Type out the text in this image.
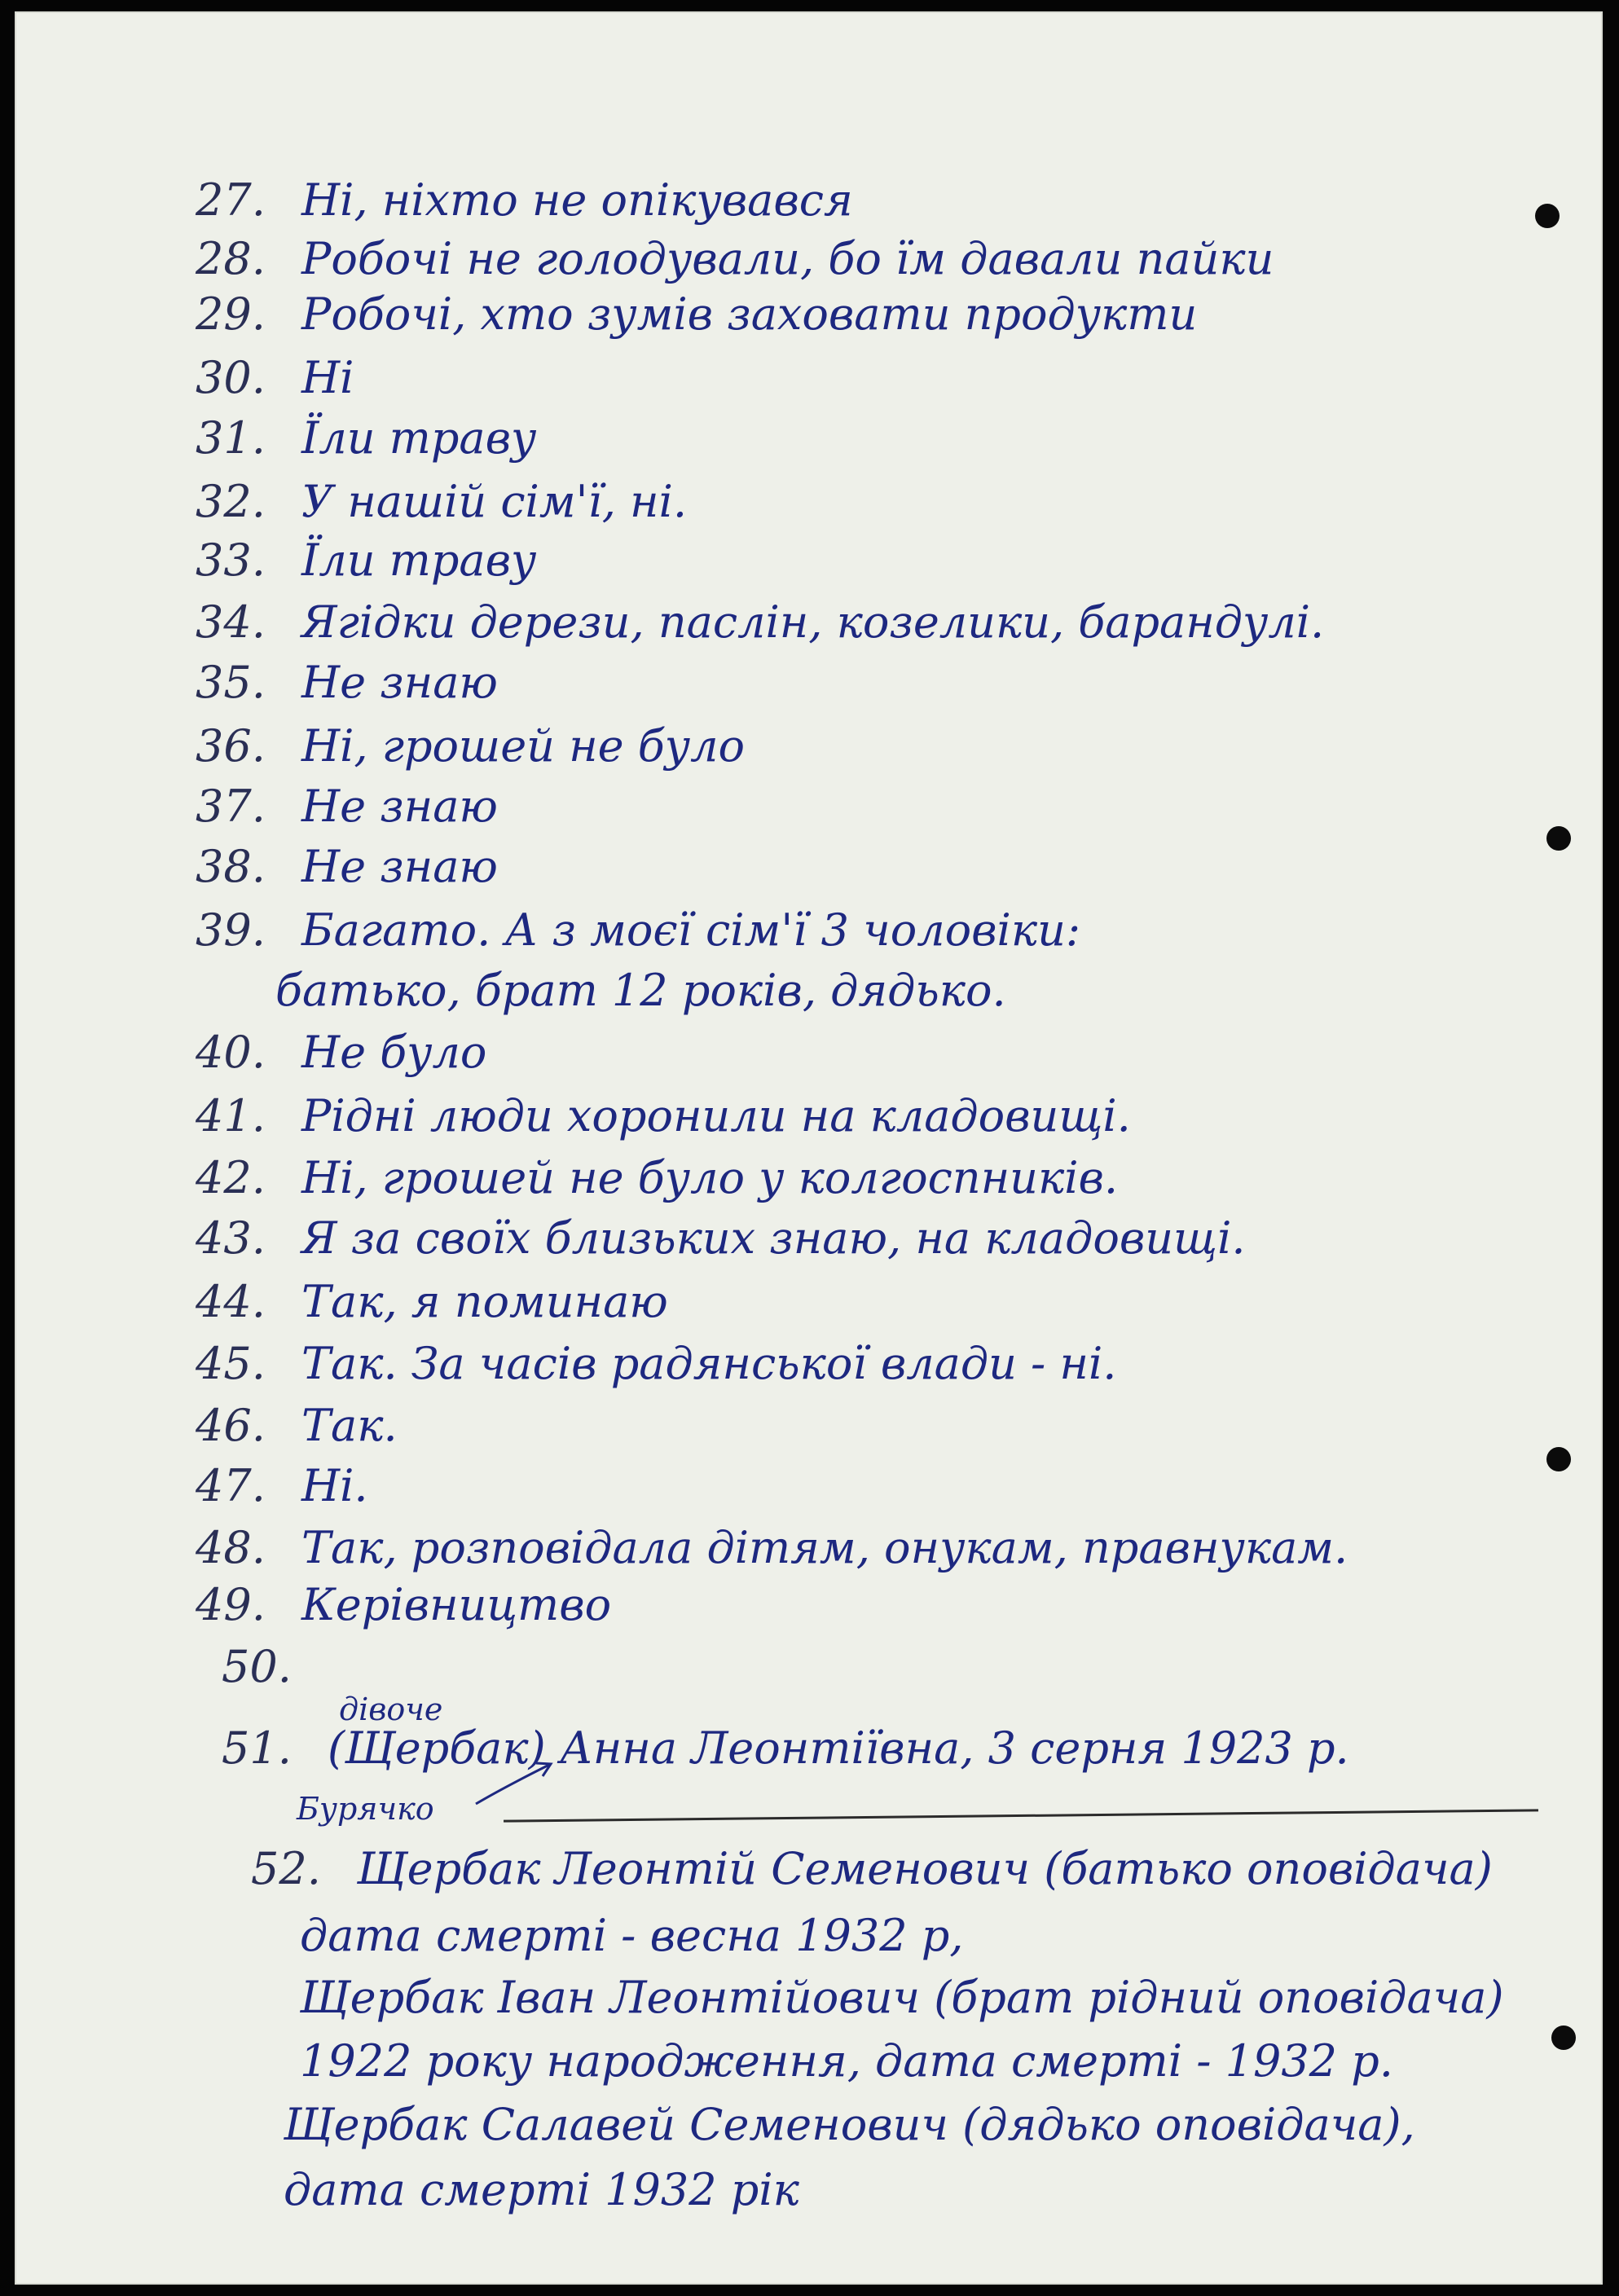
27. Ні, ніхто не опікувався
28. Робочі не голодували, бо їм давали пайки
29. Робочі, хто зумів заховати продукти
30. Ні
31. Їли траву
32. У нашій сім'ї, ні.
33. Їли траву
34. Ягідки дерези, паслін, козелики, барандулі.
35. Не знаю
36. Ні, грошей не було
37. Не знаю
38. Не знаю
39. Багато. А з моєї сім'ї 3 чоловіки:
батько, брат 12 років, дядько.
40. Не було
41. Рідні люди хоронили на кладовищі.
42. Ні, грошей не було у колгоспників.
43. Я за своїх близьких знаю, на кладовищі.
44. Так, я поминаю
45. Так. За часів радянської влади - ні.
46. Так.
47. Ні.
48. Так, розповідала дітям, онукам, правнукам.
49. Керівництво
50.
51. (Щербак) Анна Леонтіївна, 3 серня 1923 р.
52. Щербак Леонтій Семенович (батько оповідача)
дата смерті - весна 1932 р,
Щербак Іван Леонтійович (брат рідний оповідача)
1922 року народження, дата смерті - 1932 р.
Щербак Салавей Семенович (дядько оповідача),
дата смерті 1932 рік
дівоче
Бурячко
